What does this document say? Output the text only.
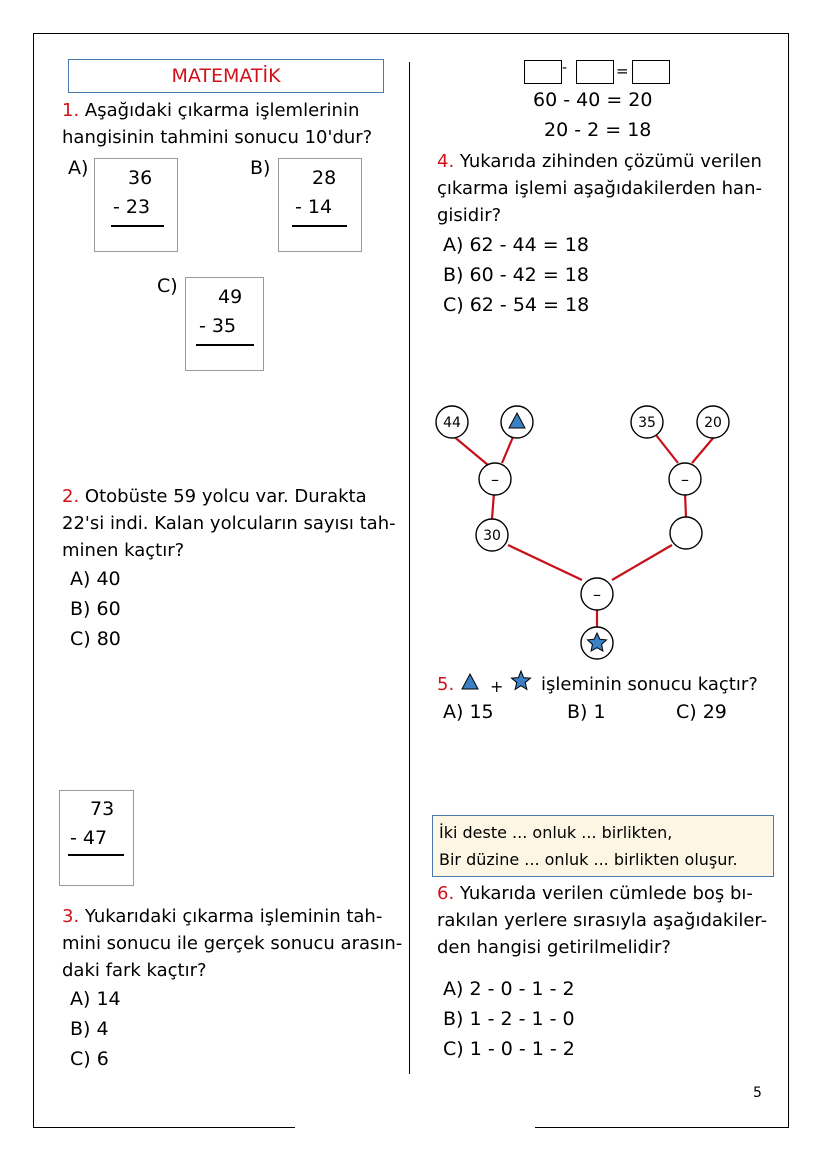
MATEMATİK
1. Aşağıdaki çıkarma işlemlerinin
hangisinin tahmini sonucu 10'dur?
A) 36
- 23
B) 28
- 14
C) 49
- 35
2. Otobüste 59 yolcu var. Durakta
22'si indi. Kalan yolcuların sayısı tah-
minen kaçtır?
A) 40
B) 60
C) 80
73
- 47
3. Yukarıdaki çıkarma işleminin tah-
mini sonucu ile gerçek sonucu arasın-
daki fark kaçtır?
A) 14
B) 4
C) 6
-	=
60 - 40 = 20
20 - 2 = 18
4. Yukarıda zihinden çözümü verilen
çıkarma işlemi aşağıdakilerden han-
gisidir?
A) 62 - 44 = 18
B) 60 - 42 = 18
C) 62 - 54 = 18
44	35	20
30
–	–
–
5. + işleminin sonucu kaçtır?
A) 15	B) 1	C) 29
İki deste ... onluk ... birlikten,
Bir düzine ... onluk ... birlikten oluşur.
6. Yukarıda verilen cümlede boş bı-
rakılan yerlere sırasıyla aşağıdakiler-
den hangisi getirilmelidir?
A) 2 - 0 - 1 - 2
B) 1 - 2 - 1 - 0
C) 1 - 0 - 1 - 2
5
